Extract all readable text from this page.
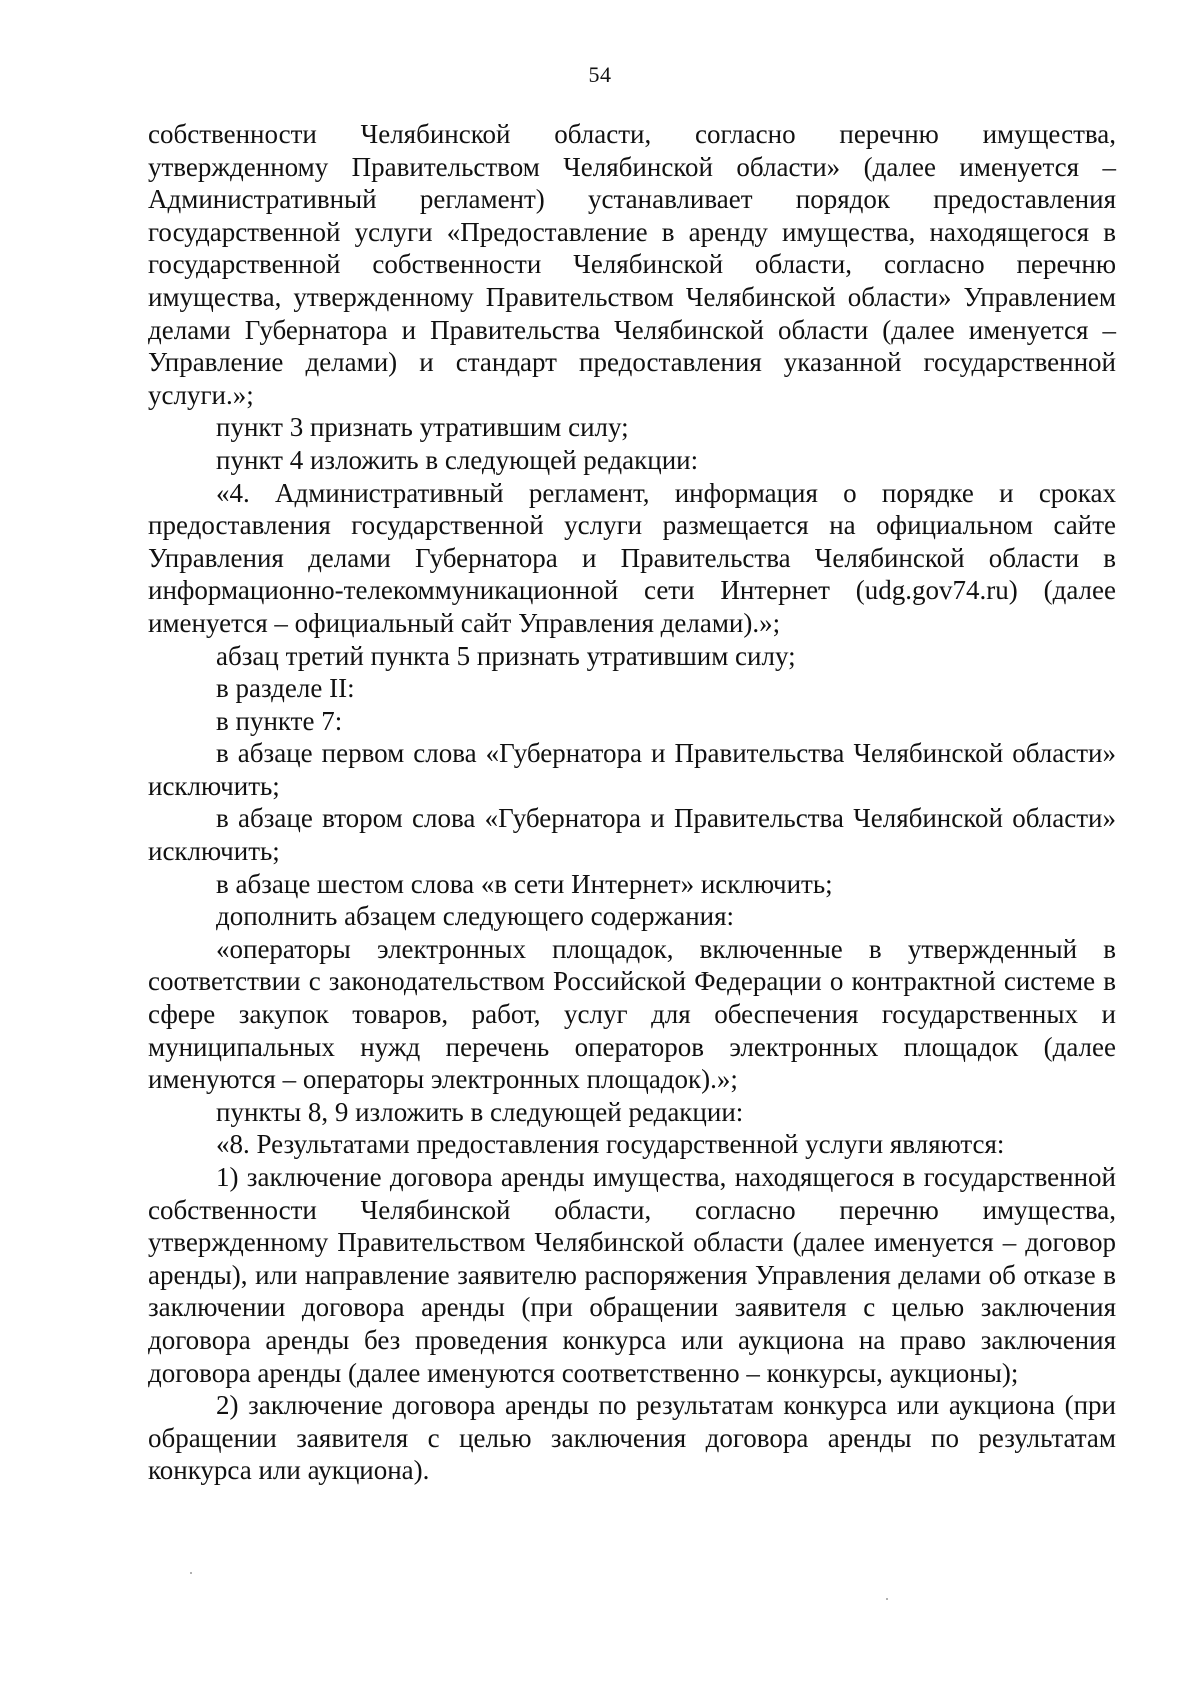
54

собственности Челябинской области, согласно перечню имущества, утвержденному Правительством Челябинской области» (далее именуется – Административный регламент) устанавливает порядок предоставления государственной услуги «Предоставление в аренду имущества, находящегося в государственной собственности Челябинской области, согласно перечню имущества, утвержденному Правительством Челябинской области» Управлением делами Губернатора и Правительства Челябинской области (далее именуется – Управление делами) и стандарт предоставления указанной государственной услуги.»;

пункт 3 признать утратившим силу;

пункт 4 изложить в следующей редакции:

«4. Административный регламент, информация о порядке и сроках предоставления государственной услуги размещается на официальном сайте Управления делами Губернатора и Правительства Челябинской области в информационно-телекоммуникационной сети Интернет (udg.gov74.ru) (далее именуется – официальный сайт Управления делами).»;

абзац третий пункта 5 признать утратившим силу;

в разделе II:

в пункте 7:

в абзаце первом слова «Губернатора и Правительства Челябинской области» исключить;

в абзаце втором слова «Губернатора и Правительства Челябинской области» исключить;

в абзаце шестом слова «в сети Интернет» исключить;

дополнить абзацем следующего содержания:

«операторы электронных площадок, включенные в утвержденный в соответствии с законодательством Российской Федерации о контрактной системе в сфере закупок товаров, работ, услуг для обеспечения государственных и муниципальных нужд перечень операторов электронных площадок (далее именуются – операторы электронных площадок).»;

пункты 8, 9 изложить в следующей редакции:

«8. Результатами предоставления государственной услуги являются:

1) заключение договора аренды имущества, находящегося в государственной собственности Челябинской области, согласно перечню имущества, утвержденному Правительством Челябинской области (далее именуется – договор аренды), или направление заявителю распоряжения Управления делами об отказе в заключении договора аренды (при обращении заявителя с целью заключения договора аренды без проведения конкурса или аукциона на право заключения договора аренды (далее именуются соответственно – конкурсы, аукционы);

2) заключение договора аренды по результатам конкурса или аукциона (при обращении заявителя с целью заключения договора аренды по результатам конкурса или аукциона).
